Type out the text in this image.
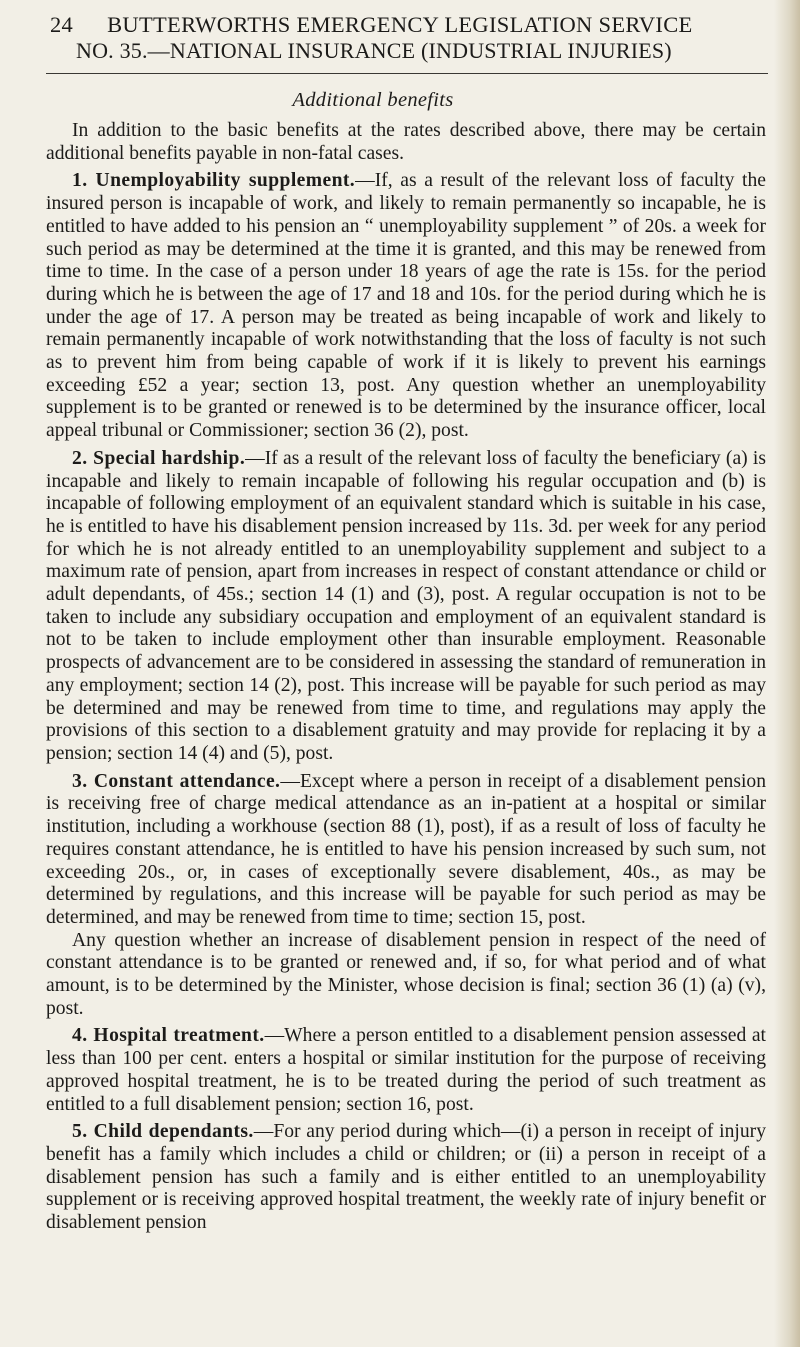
24 BUTTERWORTHS EMERGENCY LEGISLATION SERVICE
NO. 35.—NATIONAL INSURANCE (INDUSTRIAL INJURIES)
Additional benefits

In addition to the basic benefits at the rates described above, there may be certain additional benefits payable in non-fatal cases.

1. Unemployability supplement.—If, as a result of the relevant loss of faculty the insured person is incapable of work, and likely to remain permanently so incapable, he is entitled to have added to his pension an “ unemployability supplement ” of 20s. a week for such period as may be determined at the time it is granted, and this may be renewed from time to time. In the case of a person under 18 years of age the rate is 15s. for the period during which he is between the age of 17 and 18 and 10s. for the period during which he is under the age of 17. A person may be treated as being incapable of work and likely to remain permanently incapable of work notwithstanding that the loss of faculty is not such as to prevent him from being capable of work if it is likely to prevent his earnings exceeding £52 a year; section 13, post. Any question whether an unemployability supplement is to be granted or renewed is to be determined by the insurance officer, local appeal tribunal or Commissioner; section 36 (2), post.

2. Special hardship.—If as a result of the relevant loss of faculty the beneficiary (a) is incapable and likely to remain incapable of following his regular occupation and (b) is incapable of following employment of an equivalent standard which is suitable in his case, he is entitled to have his disablement pension increased by 11s. 3d. per week for any period for which he is not already entitled to an unemployability supplement and subject to a maximum rate of pension, apart from increases in respect of constant attendance or child or adult dependants, of 45s.; section 14 (1) and (3), post. A regular occupation is not to be taken to include any subsidiary occupation and employment of an equivalent standard is not to be taken to include employment other than insurable employment. Reasonable prospects of advancement are to be considered in assessing the standard of remuneration in any employment; section 14 (2), post. This increase will be payable for such period as may be determined and may be renewed from time to time, and regulations may apply the provisions of this section to a disablement gratuity and may provide for replacing it by a pension; section 14 (4) and (5), post.

3. Constant attendance.—Except where a person in receipt of a disablement pension is receiving free of charge medical attendance as an in-patient at a hospital or similar institution, including a workhouse (section 88 (1), post), if as a result of loss of faculty he requires constant attendance, he is entitled to have his pension increased by such sum, not exceeding 20s., or, in cases of exceptionally severe disablement, 40s., as may be determined by regulations, and this increase will be payable for such period as may be determined, and may be renewed from time to time; section 15, post.

Any question whether an increase of disablement pension in respect of the need of constant attendance is to be granted or renewed and, if so, for what period and of what amount, is to be determined by the Minister, whose decision is final; section 36 (1) (a) (v), post.

4. Hospital treatment.—Where a person entitled to a disablement pension assessed at less than 100 per cent. enters a hospital or similar institution for the purpose of receiving approved hospital treatment, he is to be treated during the period of such treatment as entitled to a full disablement pension; section 16, post.

5. Child dependants.—For any period during which—(i) a person in receipt of injury benefit has a family which includes a child or children; or (ii) a person in receipt of a disablement pension has such a family and is either entitled to an unemployability supplement or is receiving approved hospital treatment, the weekly rate of injury benefit or disablement pension
